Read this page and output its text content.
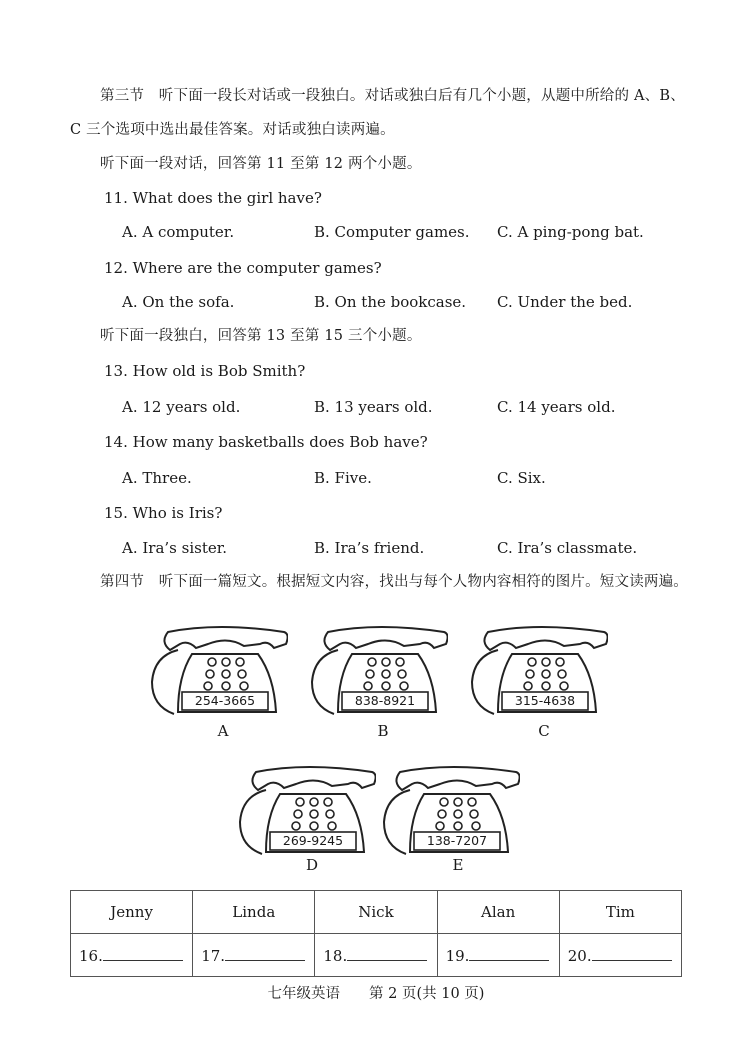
第三节　听下面一段长对话或一段独白。对话或独白后有几个小题，从题中所给的 A、B、
C 三个选项中选出最佳答案。对话或独白读两遍。
听下面一段对话，回答第 11 至第 12 两个小题。
11. What does the girl have?
A. A computer.	B. Computer games. C. A ping-pong bat.
12. Where are the computer games?
A. On the sofa.	B. On the bookcase. C. Under the bed.
听下面一段独白，回答第 13 至第 15 三个小题。
13. How old is Bob Smith?
A. 12 years old.	B. 13 years old.	C. 14 years old.
14. How many basketballs does Bob have?
A. Three.	B. Five.	C. Six.
15. Who is Iris?
A. Ira’s sister.	B. Ira’s friend.	C. Ira’s classmate.
第四节　听下面一篇短文。根据短文内容，找出与每个人物内容相符的图片。短文读两遍。
254-3665
A
838-8921
B
315-4638
C
269-9245
D
138-7207
E
Jenny	Linda	Nick	Alan	Tim
16.	17.	18.	19.	20.
七年级英语　　第 2 页(共 10 页)
